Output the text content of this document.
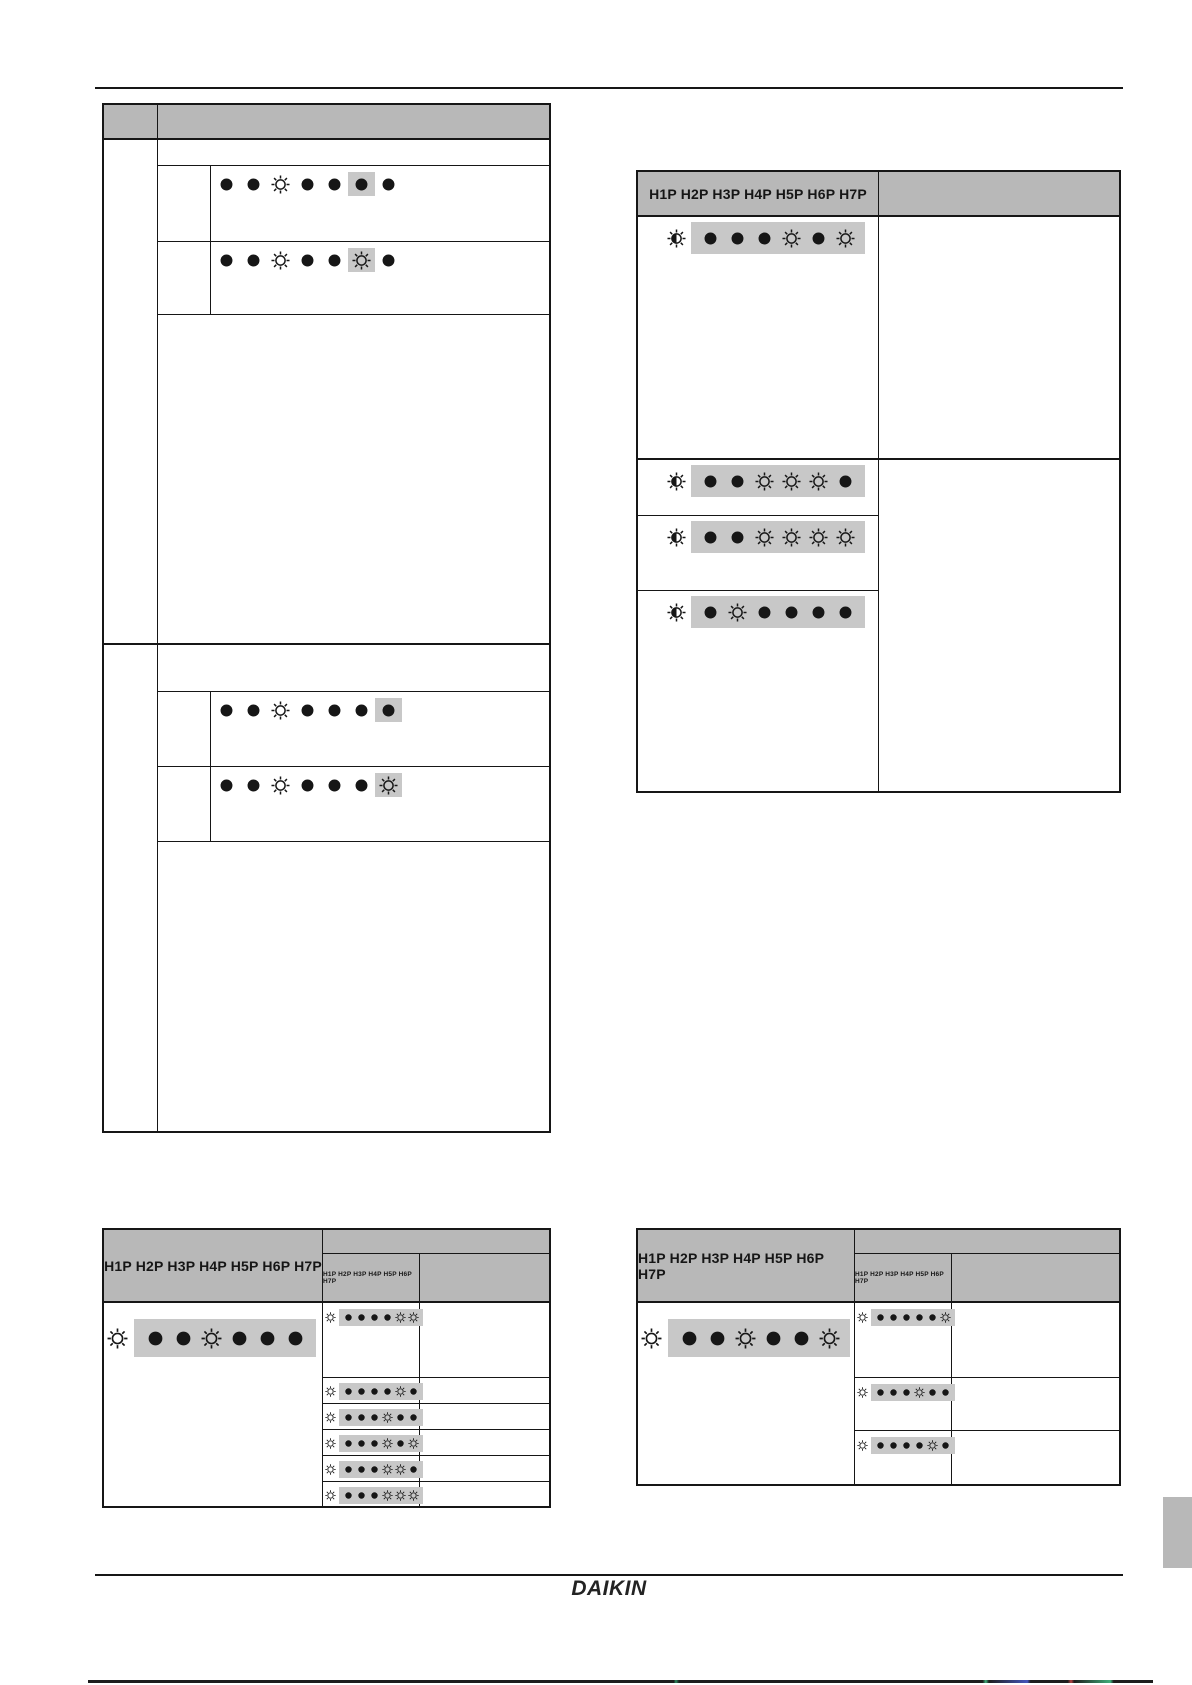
H1P H2P H3P H4P H5P H6P H7P
H1P H2P H3P H4P H5P H6P H7P
H1P H2P H3P H4P H5P H6P H7P
H1P H2P H3P H4P H5P H6P H7P	H1P H2P H3P H4P H5P H6P H7P
DAIKIN
